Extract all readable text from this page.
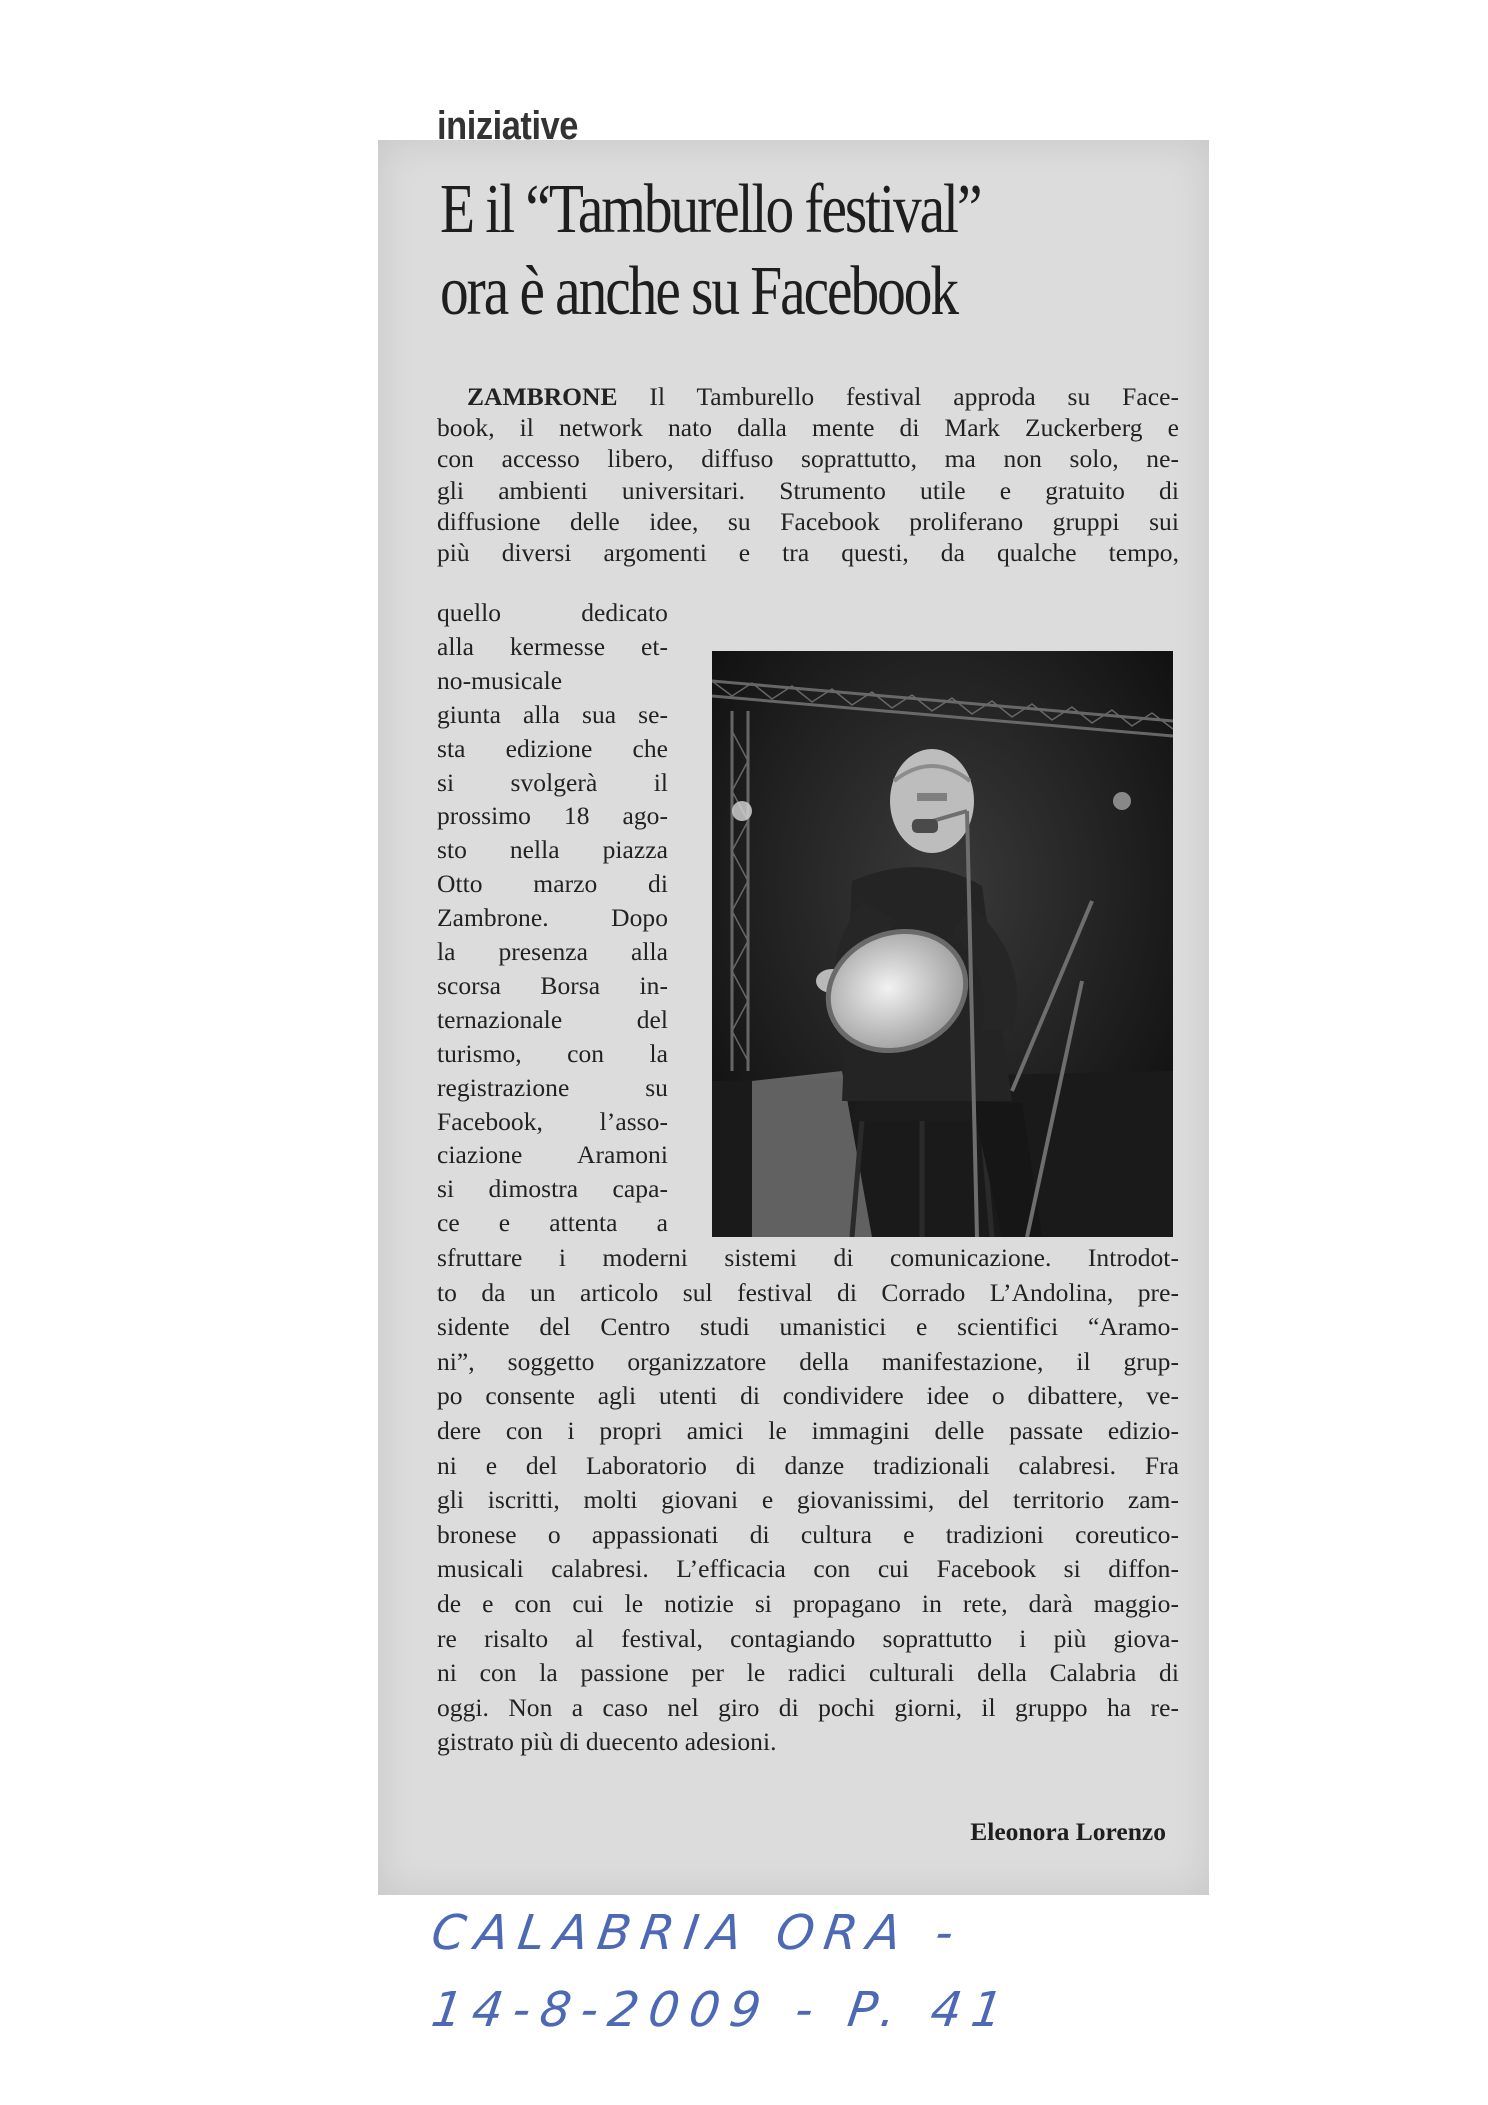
iniziative
E il “Tamburello festival”
ora è anche su Facebook
ZAMBRONE Il Tamburello festival approda su Face-
book, il network nato dalla mente di Mark Zuckerberg e
con accesso libero, diffuso soprattutto, ma non solo, ne-
gli ambienti universitari. Strumento utile e gratuito di
diffusione delle idee, su Facebook proliferano gruppi sui
più diversi argomenti e tra questi, da qualche tempo,
quello dedicato
alla kermesse et-
no-musicale
giunta alla sua se-
sta edizione che
si svolgerà il
prossimo 18 ago-
sto nella piazza
Otto marzo di
Zambrone. Dopo
la presenza alla
scorsa Borsa in-
ternazionale del
turismo, con la
registrazione su
Facebook, l’asso-
ciazione Aramoni
si dimostra capa-
ce e attenta a
sfruttare i moderni sistemi di comunicazione. Introdot-
to da un articolo sul festival di Corrado L’Andolina, pre-
sidente del Centro studi umanistici e scientifici “Aramo-
ni”, soggetto organizzatore della manifestazione, il grup-
po consente agli utenti di condividere idee o dibattere, ve-
dere con i propri amici le immagini delle passate edizio-
ni e del Laboratorio di danze tradizionali calabresi. Fra
gli iscritti, molti giovani e giovanissimi, del territorio zam-
bronese o appassionati di cultura e tradizioni coreutico-
musicali calabresi. L’efficacia con cui Facebook si diffon-
de e con cui le notizie si propagano in rete, darà maggio-
re risalto al festival, contagiando soprattutto i più giova-
ni con la passione per le radici culturali della Calabria di
oggi. Non a caso nel giro di pochi giorni, il gruppo ha re-
gistrato più di duecento adesioni.
Eleonora Lorenzo
CALABRIA ORA -
14-8-2009 - P. 41
